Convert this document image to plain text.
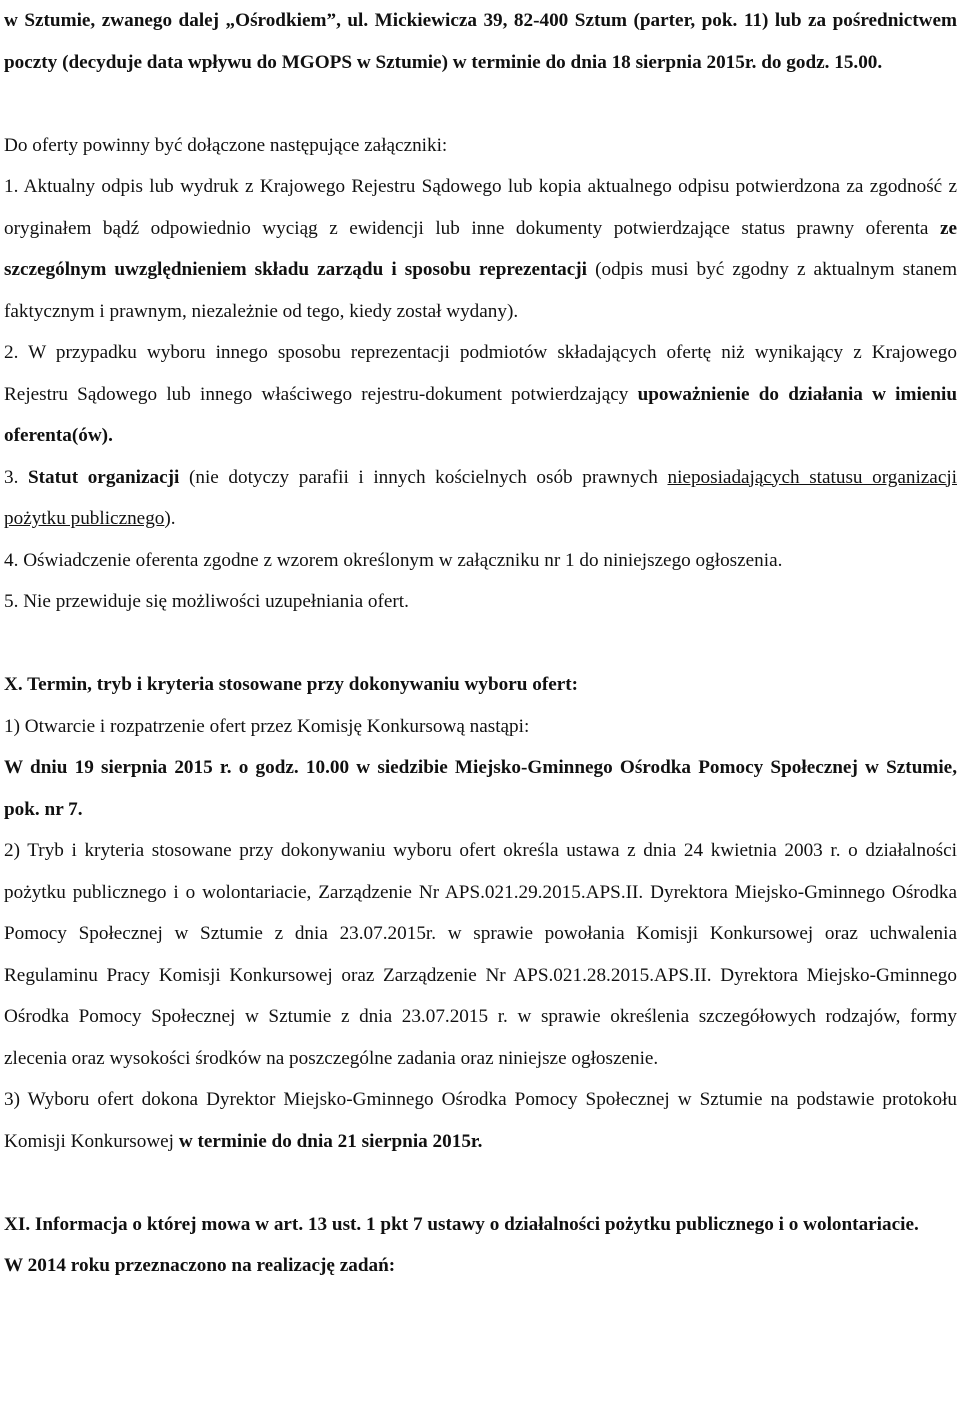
w Sztumie, zwanego dalej „Ośrodkiem”, ul. Mickiewicza 39, 82-400 Sztum (parter, pok. 11) lub za pośrednictwem poczty (decyduje data wpływu do MGOPS w Sztumie) w terminie do dnia 18 sierpnia 2015r. do godz. 15.00.

Do oferty powinny być dołączone następujące załączniki:

1. Aktualny odpis lub wydruk z Krajowego Rejestru Sądowego lub kopia aktualnego odpisu potwierdzona za zgodność z oryginałem bądź odpowiednio wyciąg z ewidencji lub inne dokumenty potwierdzające status prawny oferenta ze szczególnym uwzględnieniem składu zarządu i sposobu reprezentacji (odpis musi być zgodny z aktualnym stanem faktycznym i prawnym, niezależnie od tego, kiedy został wydany).

2. W przypadku wyboru innego sposobu reprezentacji podmiotów składających ofertę niż wynikający z Krajowego Rejestru Sądowego lub innego właściwego rejestru-dokument potwierdzający upoważnienie do działania w imieniu oferenta(ów).

3. Statut organizacji (nie dotyczy parafii i innych kościelnych osób prawnych nieposiadających statusu organizacji pożytku publicznego).

4. Oświadczenie oferenta zgodne z wzorem określonym w załączniku nr 1 do niniejszego ogłoszenia.

5. Nie przewiduje się możliwości uzupełniania ofert.

X. Termin, tryb i kryteria stosowane przy dokonywaniu wyboru ofert:

1) Otwarcie i rozpatrzenie ofert przez Komisję Konkursową nastąpi:

W dniu 19 sierpnia 2015 r. o godz. 10.00 w siedzibie Miejsko-Gminnego Ośrodka Pomocy Społecznej w Sztumie, pok. nr 7.

2) Tryb i kryteria stosowane przy dokonywaniu wyboru ofert określa ustawa z dnia 24 kwietnia 2003 r. o działalności pożytku publicznego i o wolontariacie, Zarządzenie Nr APS.021.29.2015.APS.II. Dyrektora Miejsko-Gminnego Ośrodka Pomocy Społecznej w Sztumie z dnia 23.07.2015r. w sprawie powołania Komisji Konkursowej oraz uchwalenia Regulaminu Pracy Komisji Konkursowej oraz Zarządzenie Nr APS.021.28.2015.APS.II. Dyrektora Miejsko-Gminnego Ośrodka Pomocy Społecznej w Sztumie z dnia 23.07.2015 r. w sprawie określenia szczegółowych rodzajów, formy zlecenia oraz wysokości środków na poszczególne zadania oraz niniejsze ogłoszenie.

3) Wyboru ofert dokona Dyrektor Miejsko-Gminnego Ośrodka Pomocy Społecznej w Sztumie na podstawie protokołu Komisji Konkursowej w terminie do dnia 21 sierpnia 2015r.

XI. Informacja o której mowa w art. 13 ust. 1 pkt 7 ustawy o działalności pożytku publicznego i o wolontariacie.

W 2014 roku przeznaczono na realizację zadań:
